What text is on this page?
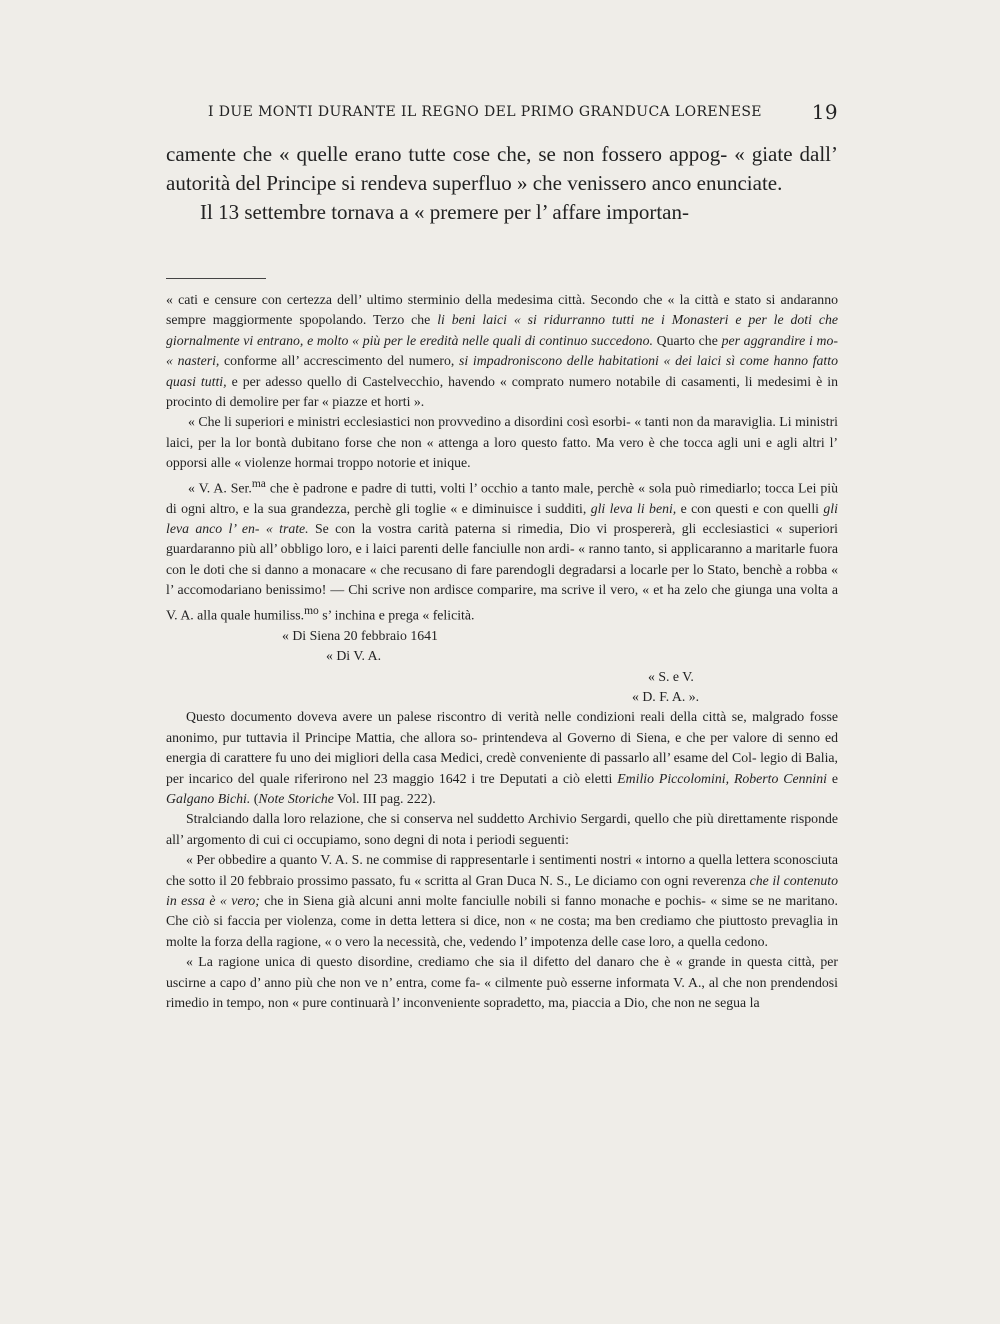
I DUE MONTI DURANTE IL REGNO DEL PRIMO GRANDUCA LORENESE 19

camente che « quelle erano tutte cose che, se non fossero appog- « giate dall’ autorità del Principe si rendeva superfluo » che venissero anco enunciate.

Il 13 settembre tornava a « premere per l’ affare importan-

« cati e censure con certezza dell’ ultimo sterminio della medesima città. Secondo che « la città e stato si andaranno sempre maggiormente spopolando. Terzo che li beni laici « si ridurranno tutti ne i Monasteri e per le doti che giornalmente vi entrano, e molto « più per le eredità nelle quali di continuo succedono. Quarto che per aggrandire i mo- « nasteri, conforme all’ accrescimento del numero, si impadroniscono delle habitationi « dei laici sì come hanno fatto quasi tutti, e per adesso quello di Castelvecchio, havendo « comprato numero notabile di casamenti, li medesimi è in procinto di demolire per far « piazze et horti ».

« Che li superiori e ministri ecclesiastici non provvedino a disordini così esorbi- « tanti non da maraviglia. Li ministri laici, per la lor bontà dubitano forse che non « attenga a loro questo fatto. Ma vero è che tocca agli uni e agli altri l’ opporsi alle « violenze hormai troppo notorie et inique.

« V. A. Ser.$^{ma}$ che è padrone e padre di tutti, volti l’ occhio a tanto male, perchè « sola può rimediarlo; tocca Lei più di ogni altro, e la sua grandezza, perchè gli toglie « e diminuisce i sudditi, gli leva li beni, e con questi e con quelli gli leva anco l’ en- « trate. Se con la vostra carità paterna si rimedia, Dio vi prospererà, gli ecclesiastici « superiori guardaranno più all’ obbligo loro, e i laici parenti delle fanciulle non ardi- « ranno tanto, si applicaranno a maritarle fuora con le doti che si danno a monacare « che recusano di fare parendogli degradarsi a locarle per lo Stato, benchè a robba « l’ accomodariano benissimo! — Chi scrive non ardisce comparire, ma scrive il vero, « et ha zelo che giunga una volta a V. A. alla quale humiliss.$^{mo}$ s’ inchina e prega « felicità.

« Di Siena 20 febbraio 1641

« Di V. A.

« S. e V.

« D. F. A. ».

Questo documento doveva avere un palese riscontro di verità nelle condizioni reali della città se, malgrado fosse anonimo, pur tuttavia il Principe Mattia, che allora so- printendeva al Governo di Siena, e che per valore di senno ed energia di carattere fu uno dei migliori della casa Medici, credè conveniente di passarlo all’ esame del Col- legio di Balia, per incarico del quale riferirono nel 23 maggio 1642 i tre Deputati a ciò eletti Emilio Piccolomini, Roberto Cennini e Galgano Bichi. (Note Storiche Vol. III pag. 222).

Stralciando dalla loro relazione, che si conserva nel suddetto Archivio Sergardi, quello che più direttamente risponde all’ argomento di cui ci occupiamo, sono degni di nota i periodi seguenti:

« Per obbedire a quanto V. A. S. ne commise di rappresentarle i sentimenti nostri « intorno a quella lettera sconosciuta che sotto il 20 febbraio prossimo passato, fu « scritta al Gran Duca N. S., Le diciamo con ogni reverenza che il contenuto in essa è « vero; che in Siena già alcuni anni molte fanciulle nobili si fanno monache e pochis- « sime se ne maritano. Che ciò si faccia per violenza, come in detta lettera si dice, non « ne costa; ma ben crediamo che piuttosto prevaglia in molte la forza della ragione, « o vero la necessità, che, vedendo l’ impotenza delle case loro, a quella cedono.

« La ragione unica di questo disordine, crediamo che sia il difetto del danaro che è « grande in questa città, per uscirne a capo d’ anno più che non ve n’ entra, come fa- « cilmente può esserne informata V. A., al che non prendendosi rimedio in tempo, non « pure continuarà l’ inconveniente sopradetto, ma, piaccia a Dio, che non ne segua la
